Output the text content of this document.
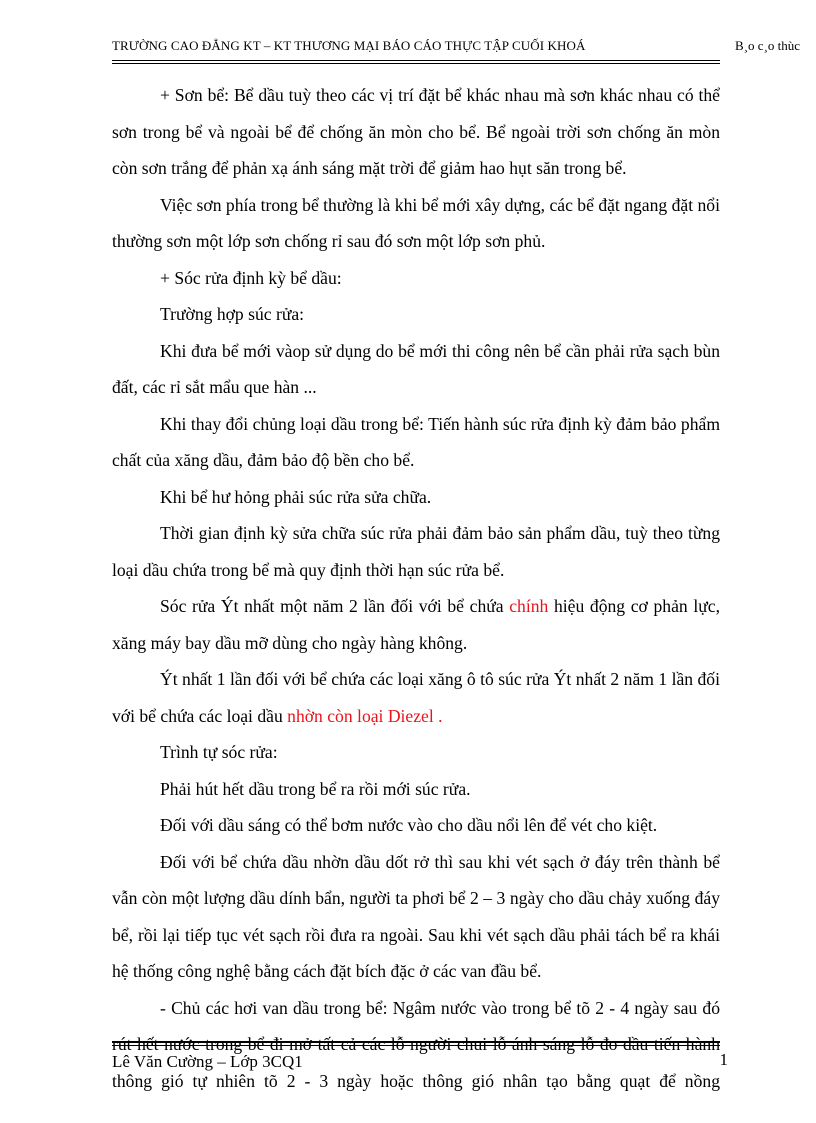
TRƯỜNG CAO ĐẲNG KT – KT THƯƠNG MẠI BÁO CÁO THỰC TẬP CUỐI KHOÁ	B¸o c¸o thùc

+ Sơn bể: Bể dầu tuỳ theo các vị trí đặt bể khác nhau mà sơn khác nhau có thể sơn trong bể và ngoài bể để chống ăn mòn cho bể. Bể ngoài trời sơn chống ăn mòn còn sơn trắng để phản xạ ánh sáng mặt trời để giảm hao hụt săn trong bể.

Việc sơn phía trong bể thường là khi bể mới xây dựng, các bể đặt ngang đặt nổi thường sơn một lớp sơn chống rỉ sau đó sơn một lớp sơn phủ.

+ Sóc rửa định kỳ bể dầu:

Trường hợp súc rửa:

Khi đưa bể mới vàop sử dụng do bể mới thi công nên bể cần phải rửa sạch bùn đất, các rỉ sắt mẩu que hàn ...

Khi thay đổi chủng loại dầu trong bể: Tiến hành súc rửa định kỳ đảm bảo phẩm chất của xăng dầu, đảm bảo độ bền cho bể.

Khi bể hư hỏng phải súc rửa sửa chữa.

Thời gian định kỳ sửa chữa súc rửa phải đảm bảo sản phẩm dầu, tuỳ theo từng loại dầu chứa trong bể mà quy định thời hạn súc rửa bể.

Sóc rửa Ýt nhất một năm 2 lần đối với bể chứa chính hiệu động cơ phản lực, xăng máy bay dầu mỡ dùng cho ngày hàng không.

Ýt nhất 1 lần đối với bể chứa các loại xăng ô tô súc rửa Ýt nhất 2 năm 1 lần đối với bể chứa các loại dầu nhờn còn loại Diezel .

Trình tự sóc rửa:

Phải hút hết dầu trong bể ra rồi mới súc rửa.

Đối với dầu sáng có thể bơm nước vào cho dầu nổi lên để vét cho kiệt.

Đối với bể chứa dầu nhờn dầu dốt rở thì sau khi vét sạch ở đáy trên thành bể vẫn còn một lượng dầu dính bẩn, người ta phơi bể 2 – 3 ngày cho dầu chảy xuống đáy bể, rồi lại tiếp tục vét sạch rồi đưa ra ngoài. Sau khi vét sạch dầu phải tách bể ra khái hệ thống công nghệ bằng cách đặt bích đặc ở các van đầu bể.

- Chủ các hơi van dầu trong bể: Ngâm nước vào trong bể tõ 2 - 4 ngày sau đó rút hết nước trong bể đi mở tất cả các lỗ người chui lỗ ánh sáng lỗ đo dầu tiến hành thông gió tự nhiên tõ 2 - 3 ngày hoặc thông gió nhân tạo bằng quạt để nồng

Lê Văn Cường – Lớp 3CQ1	1
